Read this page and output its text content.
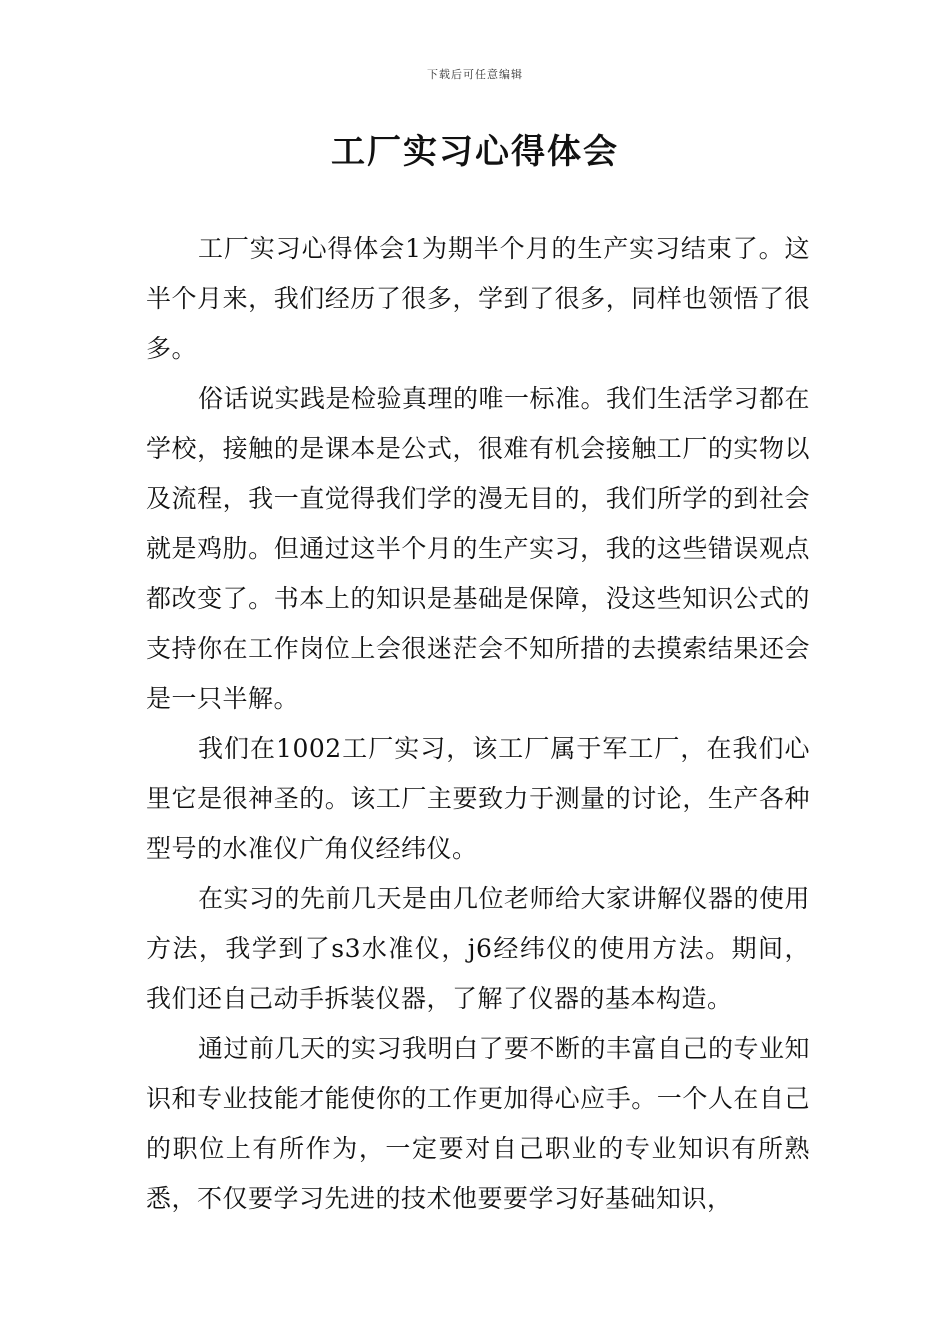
下载后可任意编辑
工厂实习心得体会

工厂实习心得体会1为期半个月的生产实习结束了。这半个月来，我们经历了很多，学到了很多，同样也领悟了很多。

俗话说实践是检验真理的唯一标准。我们生活学习都在学校，接触的是课本是公式，很难有机会接触工厂的实物以及流程，我一直觉得我们学的漫无目的，我们所学的到社会就是鸡肋。但通过这半个月的生产实习，我的这些错误观点都改变了。书本上的知识是基础是保障，没这些知识公式的支持你在工作岗位上会很迷茫会不知所措的去摸索结果还会是一只半解。

我们在1002工厂实习，该工厂属于军工厂，在我们心里它是很神圣的。该工厂主要致力于测量的讨论，生产各种型号的水准仪广角仪经纬仪。

在实习的先前几天是由几位老师给大家讲解仪器的使用方法，我学到了s3水准仪，j6经纬仪的使用方法。期间，我们还自己动手拆装仪器，了解了仪器的基本构造。

通过前几天的实习我明白了要不断的丰富自己的专业知识和专业技能才能使你的工作更加得心应手。一个人在自己的职位上有所作为，一定要对自己职业的专业知识有所熟悉，不仅要学习先进的技术他要要学习好基础知识，
